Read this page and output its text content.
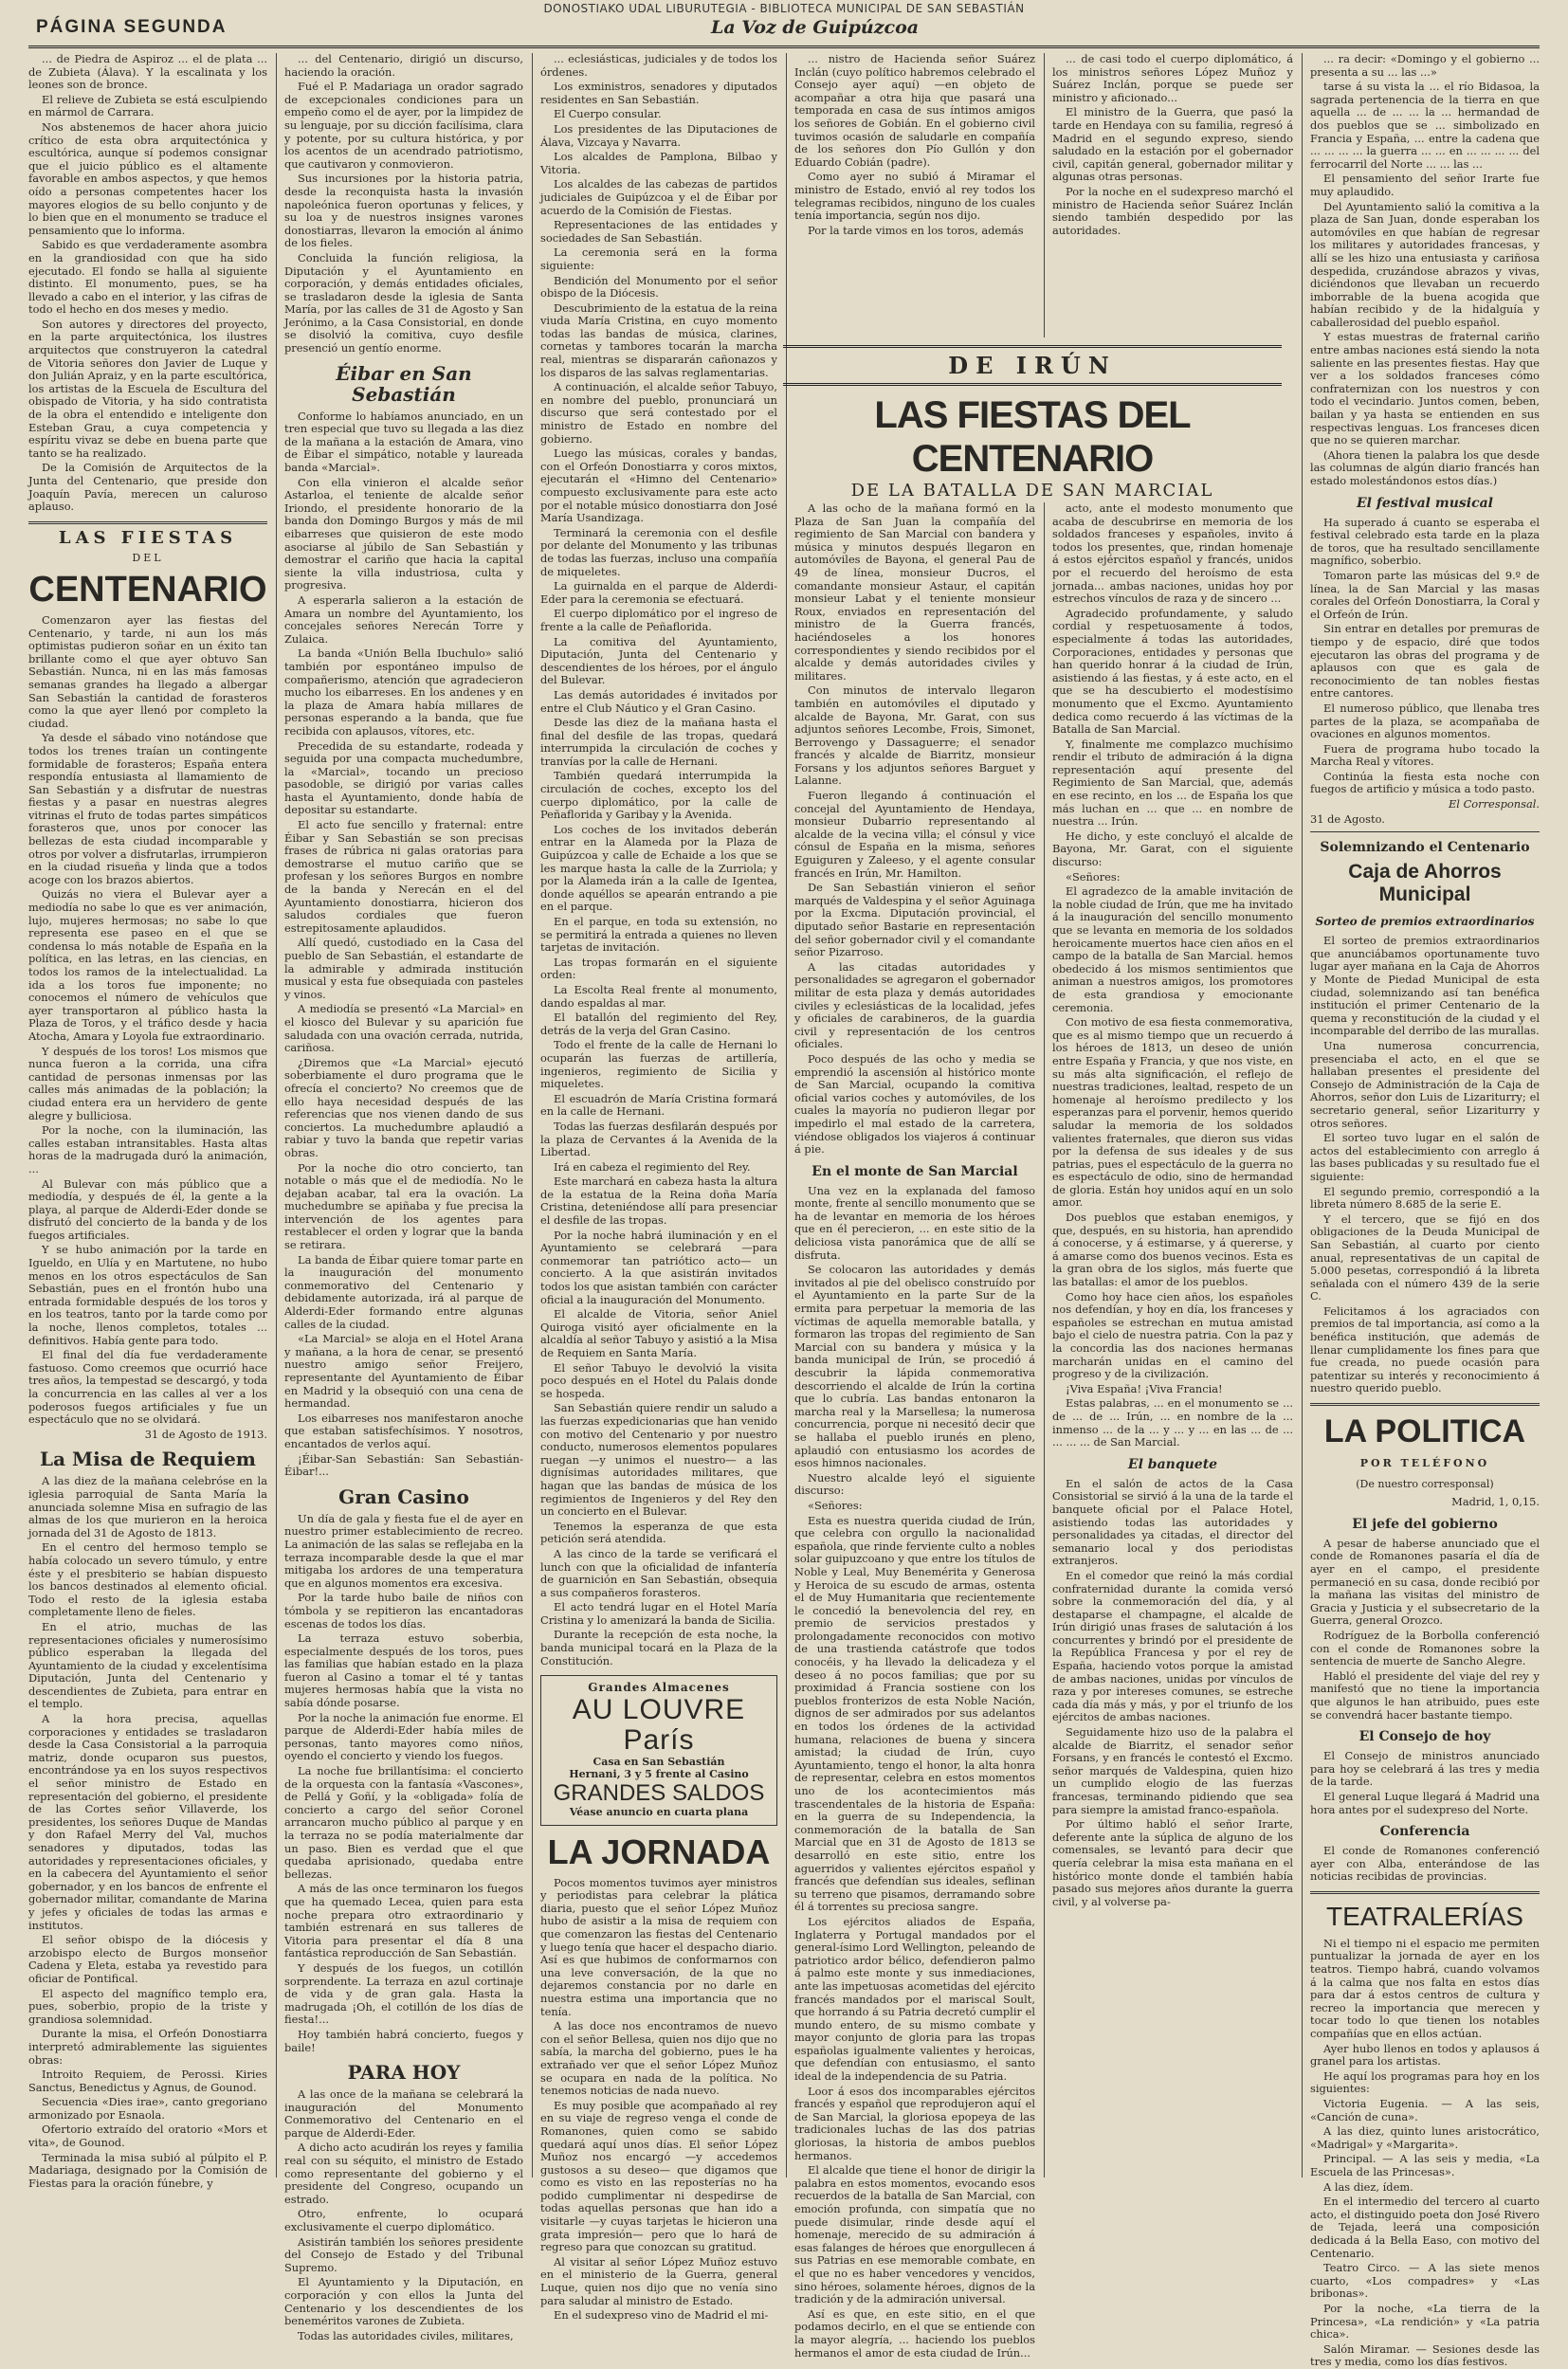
DONOSTIAKO UDAL LIBURUTEGIA - BIBLIOTECA MUNICIPAL DE SAN SEBASTIÁN
PÁGINA SEGUNDA	La Voz de Guipúzcoa

... de Piedra de Aspiroz ... el de plata ... de Zubieta (Álava). Y la escalinata y los leones son de bronce.

El relieve de Zubieta se está esculpiendo en mármol de Carrara.

Nos abstenemos de hacer ahora juicio crítico de esta obra arquitectónica y escultórica, aunque sí podemos consignar que el juicio público es el altamente favorable en ambos aspectos, y que hemos oído a personas competentes hacer los mayores elogios de su bello conjunto y de lo bien que en el monumento se traduce el pensamiento que lo informa.

Sabido es que verdaderamente asombra en la grandiosidad con que ha sido ejecutado. El fondo se halla al siguiente distinto. El monumento, pues, se ha llevado a cabo en el interior, y las cifras de todo el hecho en dos meses y medio.

Son autores y directores del proyecto, en la parte arquitectónica, los ilustres arquitectos que construyeron la catedral de Vitoria señores don Javier de Luque y don Julián Apraiz, y en la parte escultórica, los artistas de la Escuela de Escultura del obispado de Vitoria, y ha sido contratista de la obra el entendido e inteligente don Esteban Grau, a cuya competencia y espíritu vivaz se debe en buena parte que tanto se ha realizado.

De la Comisión de Arquitectos de la Junta del Centenario, que preside don Joaquín Pavía, merecen un caluroso aplauso.

LAS FIESTAS
DEL
CENTENARIO

Comenzaron ayer las fiestas del Centenario, y tarde, ni aun los más optimistas pudieron soñar en un éxito tan brillante como el que ayer obtuvo San Sebastián. Nunca, ni en las más famosas semanas grandes ha llegado a albergar San Sebastián la cantidad de forasteros como la que ayer llenó por completo la ciudad.

Ya desde el sábado vino notándose que todos los trenes traían un contingente formidable de forasteros; España entera respondía entusiasta al llamamiento de San Sebastián y a disfrutar de nuestras fiestas y a pasar en nuestras alegres vitrinas el fruto de todas partes simpáticos forasteros que, unos por conocer las bellezas de esta ciudad incomparable y otros por volver a disfrutarlas, irrumpieron en la ciudad risueña y linda que a todos acoge con los brazos abiertos.

Quizás no viera el Bulevar ayer a mediodía no sabe lo que es ver animación, lujo, mujeres hermosas; no sabe lo que representa ese paseo en el que se condensa lo más notable de España en la política, en las letras, en las ciencias, en todos los ramos de la intelectualidad. La ida a los toros fue imponente; no conocemos el número de vehículos que ayer transportaron al público hasta la Plaza de Toros, y el tráfico desde y hacia Atocha, Amara y Loyola fue extraordinario.

Y después de los toros! Los mismos que nunca fueron a la corrida, una cifra cantidad de personas inmensas por las calles más animadas de la población; la ciudad entera era un hervidero de gente alegre y bulliciosa.

Por la noche, con la iluminación, las calles estaban intransitables. Hasta altas horas de la madrugada duró la animación, ...

Al Bulevar con más público que a mediodía, y después de él, la gente a la playa, al parque de Alderdi-Eder donde se disfrutó del concierto de la banda y de los fuegos artificiales.

Y se hubo animación por la tarde en Igueldo, en Ulía y en Martutene, no hubo menos en los otros espectáculos de San Sebastián, pues en el frontón hubo una entrada formidable después de los toros y en los teatros, tanto por la tarde como por la noche, llenos completos, totales ... definitivos. Había gente para todo.

El final del día fue verdaderamente fastuoso. Como creemos que ocurrió hace tres años, la tempestad se descargó, y toda la concurrencia en las calles al ver a los poderosos fuegos artificiales y fue un espectáculo que no se olvidará.

31 de Agosto de 1913.

La Misa de Requiem

A las diez de la mañana celebróse en la iglesia parroquial de Santa María la anunciada solemne Misa en sufragio de las almas de los que murieron en la heroica jornada del 31 de Agosto de 1813.

En el centro del hermoso templo se había colocado un severo túmulo, y entre éste y el presbiterio se habían dispuesto los bancos destinados al elemento oficial. Todo el resto de la iglesia estaba completamente lleno de fieles.

En el atrio, muchas de las representaciones oficiales y numerosísimo público esperaban la llegada del Ayuntamiento de la ciudad y excelentísima Diputación, Junta del Centenario y descendientes de Zubieta, para entrar en el templo.

A la hora precisa, aquellas corporaciones y entidades se trasladaron desde la Casa Consistorial a la parroquia matriz, donde ocuparon sus puestos, encontrándose ya en los suyos respectivos el señor ministro de Estado en representación del gobierno, el presidente de las Cortes señor Villaverde, los presidentes, los señores Duque de Mandas y don Rafael Merry del Val, muchos senadores y diputados, todas las autoridades y representaciones oficiales, y en la cabecera del Ayuntamiento el señor gobernador, y en los bancos de enfrente el gobernador militar, comandante de Marina y jefes y oficiales de todas las armas e institutos.

El señor obispo de la diócesis y arzobispo electo de Burgos monseñor Cadena y Eleta, estaba ya revestido para oficiar de Pontifical.

El aspecto del magnífico templo era, pues, soberbio, propio de la triste y grandiosa solemnidad.

Durante la misa, el Orfeón Donostiarra interpretó admirablemente las siguientes obras:

Introito Requiem, de Perossi. Kiries Sanctus, Benedictus y Agnus, de Gounod.

Secuencia «Dies irae», canto gregoriano armonizado por Esnaola.

Ofertorio extraído del oratorio «Mors et vita», de Gounod.

Terminada la misa subió al púlpito el P. Madariaga, designado por la Comisión de Fiestas para la oración fúnebre, y

... del Centenario, dirigió un discurso, haciendo la oración.

Fué el P. Madariaga un orador sagrado de excepcionales condiciones para un empeño como el de ayer, por la limpidez de su lenguaje, por su dicción facilísima, clara y potente, por su cultura histórica, y por los acentos de un acendrado patriotismo, que cautivaron y conmovieron.

Sus incursiones por la historia patria, desde la reconquista hasta la invasión napoleónica fueron oportunas y felices, y su loa y de nuestros insignes varones donostiarras, llevaron la emoción al ánimo de los fieles.

Concluida la función religiosa, la Diputación y el Ayuntamiento en corporación, y demás entidades oficiales, se trasladaron desde la iglesia de Santa María, por las calles de 31 de Agosto y San Jerónimo, a la Casa Consistorial, en donde se disolvió la comitiva, cuyo desfile presenció un gentío enorme.

Éibar en San Sebastián

Conforme lo habíamos anunciado, en un tren especial que tuvo su llegada a las diez de la mañana a la estación de Amara, vino de Éibar el simpático, notable y laureada banda «Marcial».

Con ella vinieron el alcalde señor Astarloa, el teniente de alcalde señor Iriondo, el presidente honorario de la banda don Domingo Burgos y más de mil eibarreses que quisieron de este modo asociarse al júbilo de San Sebastián y demostrar el cariño que hacia la capital siente la villa industriosa, culta y progresiva.

A esperarla salieron a la estación de Amara un nombre del Ayuntamiento, los concejales señores Nerecán Torre y Zulaica.

La banda «Unión Bella Ibuchulo» salió también por espontáneo impulso de compañerismo, atención que agradecieron mucho los eibarreses. En los andenes y en la plaza de Amara había millares de personas esperando a la banda, que fue recibida con aplausos, vítores, etc.

Precedida de su estandarte, rodeada y seguida por una compacta muchedumbre, la «Marcial», tocando un precioso pasodoble, se dirigió por varias calles hasta el Ayuntamiento, donde había de depositar su estandarte.

El acto fue sencillo y fraternal: entre Éibar y San Sebastián se son precisas frases de rúbrica ni galas oratorias para demostrarse el mutuo cariño que se profesan y los señores Burgos en nombre de la banda y Nerecán en el del Ayuntamiento donostiarra, hicieron dos saludos cordiales que fueron estrepitosamente aplaudidos.

Allí quedó, custodiado en la Casa del pueblo de San Sebastián, el estandarte de la admirable y admirada institución musical y esta fue obsequiada con pasteles y vinos.

A mediodía se presentó «La Marcial» en el kiosco del Bulevar y su aparición fue saludada con una ovación cerrada, nutrida, cariñosa.

¿Diremos que «La Marcial» ejecutó soberbiamente el duro programa que le ofrecía el concierto? No creemos que de ello haya necesidad después de las referencias que nos vienen dando de sus conciertos. La muchedumbre aplaudió a rabiar y tuvo la banda que repetir varias obras.

Por la noche dio otro concierto, tan notable o más que el de mediodía. No le dejaban acabar, tal era la ovación. La muchedumbre se apiñaba y fue precisa la intervención de los agentes para restablecer el orden y lograr que la banda se retirara.

La banda de Éibar quiere tomar parte en la inauguración del monumento conmemorativo del Centenario y debidamente autorizada, irá al parque de Alderdi-Eder formando entre algunas calles de la ciudad.

«La Marcial» se aloja en el Hotel Arana y mañana, a la hora de cenar, se presentó nuestro amigo señor Freijero, representante del Ayuntamiento de Éibar en Madrid y la obsequió con una cena de hermandad.

Los eibarreses nos manifestaron anoche que estaban satisfechísimos. Y nosotros, encantados de verlos aquí.

¡Éibar-San Sebastián: San Sebastián-Éibar!...

Gran Casino

Un día de gala y fiesta fue el de ayer en nuestro primer establecimiento de recreo. La animación de las salas se reflejaba en la terraza incomparable desde la que el mar mitigaba los ardores de una temperatura que en algunos momentos era excesiva.

Por la tarde hubo baile de niños con tómbola y se repitieron las encantadoras escenas de todos los días.

La terraza estuvo soberbia, especialmente después de los toros, pues las familias que habían estado en la plaza fueron al Casino a tomar el té y tantas mujeres hermosas había que la vista no sabía dónde posarse.

Por la noche la animación fue enorme. El parque de Alderdi-Eder había miles de personas, tanto mayores como niños, oyendo el concierto y viendo los fuegos.

La noche fue brillantísima: el concierto de la orquesta con la fantasía «Vascones», de Pellá y Goñí, y la «obligada» folía de concierto a cargo del señor Coronel arrancaron mucho público al parque y en la terraza no se podía materialmente dar un paso. Bien es verdad que el que quedaba aprisionado, quedaba entre bellezas.

A más de las once terminaron los fuegos que ha quemado Lecea, quien para esta noche prepara otro extraordinario y también estrenará en sus talleres de Vitoria para presentar el día 8 una fantástica reproducción de San Sebastián.

Y después de los fuegos, un cotillón sorprendente. La terraza en azul cortinaje de vida y de gran gala. Hasta la madrugada ¡Oh, el cotillón de los días de fiesta!...

Hoy también habrá concierto, fuegos y baile!

PARA HOY

A las once de la mañana se celebrará la inauguración del Monumento Conmemorativo del Centenario en el parque de Alderdi-Eder.

A dicho acto acudirán los reyes y familia real con su séquito, el ministro de Estado como representante del gobierno y el presidente del Congreso, ocupando un estrado.

Otro, enfrente, lo ocupará exclusivamente el cuerpo diplomático.

Asistirán también los señores presidente del Consejo de Estado y del Tribunal Supremo.

El Ayuntamiento y la Diputación, en corporación y con ellos la Junta del Centenario y los descendientes de los beneméritos varones de Zubieta.

Todas las autoridades civiles, militares,

... eclesiásticas, judiciales y de todos los órdenes.

Los exministros, senadores y diputados residentes en San Sebastián.

El Cuerpo consular.

Los presidentes de las Diputaciones de Álava, Vizcaya y Navarra.

Los alcaldes de Pamplona, Bilbao y Vitoria.

Los alcaldes de las cabezas de partidos judiciales de Guipúzcoa y el de Éibar por acuerdo de la Comisión de Fiestas.

Representaciones de las entidades y sociedades de San Sebastián.

La ceremonia será en la forma siguiente:

Bendición del Monumento por el señor obispo de la Diócesis.

Descubrimiento de la estatua de la reina viuda María Cristina, en cuyo momento todas las bandas de música, clarines, cornetas y tambores tocarán la marcha real, mientras se dispararán cañonazos y los disparos de las salvas reglamentarias.

A continuación, el alcalde señor Tabuyo, en nombre del pueblo, pronunciará un discurso que será contestado por el ministro de Estado en nombre del gobierno.

Luego las músicas, corales y bandas, con el Orfeón Donostiarra y coros mixtos, ejecutarán el «Himno del Centenario» compuesto exclusivamente para este acto por el notable músico donostiarra don José María Usandizaga.

Terminará la ceremonia con el desfile por delante del Monumento y las tribunas de todas las fuerzas, incluso una compañía de miqueletes.

La guirnalda en el parque de Alderdi-Eder para la ceremonia se efectuará.

El cuerpo diplomático por el ingreso de frente a la calle de Peñaflorida.

La comitiva del Ayuntamiento, Diputación, Junta del Centenario y descendientes de los héroes, por el ángulo del Bulevar.

Las demás autoridades é invitados por entre el Club Náutico y el Gran Casino.

Desde las diez de la mañana hasta el final del desfile de las tropas, quedará interrumpida la circulación de coches y tranvías por la calle de Hernani.

También quedará interrumpida la circulación de coches, excepto los del cuerpo diplomático, por la calle de Peñaflorida y Garibay y la Avenida.

Los coches de los invitados deberán entrar en la Alameda por la Plaza de Guipúzcoa y calle de Echaide a los que se les marque hasta la calle de la Zurriola; y por la Alameda irán a la calle de Igentea, donde aquéllos se apearán entrando a pie en el parque.

En el parque, en toda su extensión, no se permitirá la entrada a quienes no lleven tarjetas de invitación.

Las tropas formarán en el siguiente orden:

La Escolta Real frente al monumento, dando espaldas al mar.

El batallón del regimiento del Rey, detrás de la verja del Gran Casino.

Todo el frente de la calle de Hernani lo ocuparán las fuerzas de artillería, ingenieros, regimiento de Sicilia y miqueletes.

El escuadrón de María Cristina formará en la calle de Hernani.

Todas las fuerzas desfilarán después por la plaza de Cervantes á la Avenida de la Libertad.

Irá en cabeza el regimiento del Rey.

Este marchará en cabeza hasta la altura de la estatua de la Reina doña María Cristina, deteniéndose allí para presenciar el desfile de las tropas.

Por la noche habrá iluminación y en el Ayuntamiento se celebrará —para conmemorar tan patriótico acto— un concierto. A la que asistirán invitados todos los que asistan también con carácter oficial a la inauguración del Monumento.

El alcalde de Vitoria, señor Aniel Quiroga visitó ayer oficialmente en la alcaldía al señor Tabuyo y asistió a la Misa de Requiem en Santa María.

El señor Tabuyo le devolvió la visita poco después en el Hotel du Palais donde se hospeda.

San Sebastián quiere rendir un saludo a las fuerzas expedicionarias que han venido con motivo del Centenario y por nuestro conducto, numerosos elementos populares ruegan —y unimos el nuestro— a las dignísimas autoridades militares, que hagan que las bandas de música de los regimientos de Ingenieros y del Rey den un concierto en el Bulevar.

Tenemos la esperanza de que esta petición será atendida.

A las cinco de la tarde se verificará el lunch con que la oficialidad de infantería de guarnición en San Sebastián, obsequia a sus compañeros forasteros.

El acto tendrá lugar en el Hotel María Cristina y lo amenizará la banda de Sicilia.

Durante la recepción de esta noche, la banda municipal tocará en la Plaza de la Constitución.

Grandes Almacenes
AU LOUVRE París
Casa en San Sebastián
Hernani, 3 y 5 frente al Casino
GRANDES SALDOS
Véase anuncio en cuarta plana
LA JORNADA

Pocos momentos tuvimos ayer ministros y periodistas para celebrar la plática diaria, puesto que el señor López Muñoz hubo de asistir a la misa de requiem con que comenzaron las fiestas del Centenario y luego tenía que hacer el despacho diario. Así es que hubimos de conformarnos con una leve conversación, de la que no dejaremos constancia por no darle en nuestra estima una importancia que no tenía.

A las doce nos encontramos de nuevo con el señor Bellesa, quien nos dijo que no sabía, la marcha del gobierno, pues le ha extrañado ver que el señor López Muñoz se ocupara en nada de la política. No tenemos noticias de nada nuevo.

Es muy posible que acompañado al rey en su viaje de regreso venga el conde de Romanones, quien como se sabido quedará aquí unos días. El señor López Muñoz nos encargó —y accedemos gustosos a su deseo— que digamos que como es visto en las reposterías no ha podido cumplimentar ni despedirse de todas aquellas personas que han ido a visitarle —y cuyas tarjetas le hicieron una grata impresión— pero que lo hará de regreso para que conozcan su gratitud.

Al visitar al señor López Muñoz estuvo en el ministerio de la Guerra, general Luque, quien nos dijo que no venía sino para saludar al ministro de Estado.

En el sudexpreso vino de Madrid el mi-

... nistro de Hacienda señor Suárez Inclán (cuyo político habremos celebrado el Consejo ayer aquí) —en objeto de acompañar a otra hija que pasará una temporada en casa de sus íntimos amigos los señores de Gobián. En el gobierno civil tuvimos ocasión de saludarle en compañía de los señores don Pío Gullón y don Eduardo Cobián (padre).

Como ayer no subió á Miramar el ministro de Estado, envió al rey todos los telegramas recibidos, ninguno de los cuales tenía importancia, según nos dijo.

Por la tarde vimos en los toros, además

... de casi todo el cuerpo diplomático, á los ministros señores López Muñoz y Suárez Inclán, porque se puede ser ministro y aficionado...

El ministro de la Guerra, que pasó la tarde en Hendaya con su familia, regresó á Madrid en el segundo expreso, siendo saludado en la estación por el gobernador civil, capitán general, gobernador militar y algunas otras personas.

Por la noche en el sudexpreso marchó el ministro de Hacienda señor Suárez Inclán siendo también despedido por las autoridades.

DE IRÚN
LAS FIESTAS DEL CENTENARIO
DE LA BATALLA DE SAN MARCIAL

A las ocho de la mañana formó en la Plaza de San Juan la compañía del regimiento de San Marcial con bandera y música y minutos después llegaron en automóviles de Bayona, el general Pau de 49 de línea, monsieur Ducros, el comandante monsieur Astaur, el capitán monsieur Labat y el teniente monsieur Roux, enviados en representación del ministro de la Guerra francés, haciéndoseles a los honores correspondientes y siendo recibidos por el alcalde y demás autoridades civiles y militares.

Con minutos de intervalo llegaron también en automóviles el diputado y alcalde de Bayona, Mr. Garat, con sus adjuntos señores Lecombe, Frois, Simonet, Berrovengo y Dassaguerre; el senador francés y alcalde de Biarritz, monsieur Forsans y los adjuntos señores Barguet y Lalanne.

Fueron llegando á continuación el concejal del Ayuntamiento de Hendaya, monsieur Dubarrio representando al alcalde de la vecina villa; el cónsul y vice cónsul de España en la misma, señores Eguiguren y Zaleeso, y el agente consular francés en Irún, Mr. Hamilton.

De San Sebastián vinieron el señor marqués de Valdespina y el señor Aguinaga por la Excma. Diputación provincial, el diputado señor Bastarie en representación del señor gobernador civil y el comandante señor Pizarroso.

A las citadas autoridades y personalidades se agregaron el gobernador militar de esta plaza y demás autoridades civiles y eclesiásticas de la localidad, jefes y oficiales de carabineros, de la guardia civil y representación de los centros oficiales.

Poco después de las ocho y media se emprendió la ascensión al histórico monte de San Marcial, ocupando la comitiva oficial varios coches y automóviles, de los cuales la mayoría no pudieron llegar por impedirlo el mal estado de la carretera, viéndose obligados los viajeros á continuar á pie.

En el monte de San Marcial

Una vez en la explanada del famoso monte, frente al sencillo monumento que se ha de levantar en memoria de los héroes que en él perecieron, ... en este sitio de la deliciosa vista panorámica que de allí se disfruta.

Se colocaron las autoridades y demás invitados al pie del obelisco construído por el Ayuntamiento en la parte Sur de la ermita para perpetuar la memoria de las víctimas de aquella memorable batalla, y formaron las tropas del regimiento de San Marcial con su bandera y música y la banda municipal de Irún, se procedió á descubrir la lápida conmemorativa descorriendo el alcalde de Irún la cortina que lo cubría. Las bandas entonaron la marcha real y la Marsellesa; la numerosa concurrencia, porque ni necesitó decir que se hallaba el pueblo irunés en pleno, aplaudió con entusiasmo los acordes de esos himnos nacionales.

Nuestro alcalde leyó el siguiente discurso:

«Señores:

Esta es nuestra querida ciudad de Irún, que celebra con orgullo la nacionalidad española, que rinde ferviente culto a nobles solar guipuzcoano y que entre los títulos de Noble y Leal, Muy Benemérita y Generosa y Heroica de su escudo de armas, ostenta el de Muy Humanitaria que recientemente le concedió la benevolencia del rey, en premio de servicios prestados y prolongadamente reconocidos con motivo de una trastienda catástrofe que todos conocéis, y ha llevado la delicadeza y el deseo á no pocos familias; que por su proximidad á Francia sostiene con los pueblos fronterizos de esta Noble Nación, dignos de ser admirados por sus adelantos en todos los órdenes de la actividad humana, relaciones de buena y sincera amistad; la ciudad de Irún, cuyo Ayuntamiento, tengo el honor, la alta honra de representar, celebra en estos momentos uno de los acontecimientos más trascendentales de la historia de España: en la guerra de su Independencia, la conmemoración de la batalla de San Marcial que en 31 de Agosto de 1813 se desarrolló en este sitio, entre los aguerridos y valientes ejércitos español y francés que defendían sus ideales, seflinan su terreno que pisamos, derramando sobre él á torrentes su preciosa sangre.

Los ejércitos aliados de España, Inglaterra y Portugal mandados por el general-ísimo Lord Wellington, peleando de patriotico ardor bélico, defendieron palmo á palmo este monte y sus inmediaciones, ante las impetuosas acometidas del ejército francés mandados por el mariscal Soult, que horrando á su Patria decretó cumplir el mundo entero, de su mismo combate y mayor conjunto de gloria para las tropas españolas igualmente valientes y heroicas, que defendían con entusiasmo, el santo ideal de la independencia de su Patria.

Loor á esos dos incomparables ejércitos francés y español que reprodujeron aquí el de San Marcial, la gloriosa epopeya de las tradicionales luchas de las dos patrias gloriosas, la historia de ambos pueblos hermanos.

El alcalde que tiene el honor de dirigir la palabra en estos momentos, evocando esos recuerdos de la batalla de San Marcial, con emoción profunda, con simpatía que no puede disimular, rinde desde aquí el homenaje, merecido de su admiración á esas falanges de héroes que enorgullecen á sus Patrias en ese memorable combate, en el que no es haber vencedores y vencidos, sino héroes, solamente héroes, dignos de la tradición y de la admiración universal.

Así es que, en este sitio, en el que podamos decirlo, en el que se entiende con la mayor alegría, ... haciendo los pueblos hermanos el amor de esta ciudad de Irún...

acto, ante el modesto monumento que acaba de descubrirse en memoria de los soldados franceses y españoles, invito á todos los presentes, que, rindan homenaje á estos ejércitos español y francés, unidos por el recuerdo del heroísmo de esta jornada... ambas naciones, unidas hoy por estrechos vínculos de raza y de sincero ...

Agradecido profundamente, y saludo cordial y respetuosamente á todos, especialmente á todas las autoridades, Corporaciones, entidades y personas que han querido honrar á la ciudad de Irún, asistiendo á las fiestas, y á este acto, en el que se ha descubierto el modestísimo monumento que el Excmo. Ayuntamiento dedica como recuerdo á las víctimas de la Batalla de San Marcial.

Y, finalmente me complazco muchísimo rendir el tributo de admiración á la digna representación aquí presente del Regimiento de San Marcial, que, además en ese recinto, en los ... de España los que más luchan en ... que ... en nombre de nuestra ... Irún.

He dicho, y este concluyó el alcalde de Bayona, Mr. Garat, con el siguiente discurso:

«Señores:

El agradezco de la amable invitación de la noble ciudad de Irún, que me ha invitado á la inauguración del sencillo monumento que se levanta en memoria de los soldados heroicamente muertos hace cien años en el campo de la batalla de San Marcial. hemos obedecido á los mismos sentimientos que animan a nuestros amigos, los promotores de esta grandiosa y emocionante ceremonia.

Con motivo de esa fiesta conmemorativa, que es al mismo tiempo que un recuerdo á los héroes de 1813, un deseo de unión entre España y Francia, y que nos viste, en su más alta significación, el reflejo de nuestras tradiciones, lealtad, respeto de un homenaje al heroísmo predilecto y los esperanzas para el porvenir, hemos querido saludar la memoria de los soldados valientes fraternales, que dieron sus vidas por la defensa de sus ideales y de sus patrias, pues el espectáculo de la guerra no es espectáculo de odio, sino de hermandad de gloria. Están hoy unidos aquí en un solo amor.

Dos pueblos que estaban enemigos, y que, después, en su historia, han aprendido á conocerse, y á estimarse, y á quererse, y á amarse como dos buenos vecinos. Esta es la gran obra de los siglos, más fuerte que las batallas: el amor de los pueblos.

Como hoy hace cien años, los españoles nos defendían, y hoy en día, los franceses y españoles se estrechan en mutua amistad bajo el cielo de nuestra patria. Con la paz y la concordia las dos naciones hermanas marcharán unidas en el camino del progreso y de la civilización.

¡Viva España! ¡Viva Francia!

Estas palabras, ... en el monumento se ... de ... de ... Irún, ... en nombre de la ... inmenso ... de la ... y ... y ... en las ... de ... ... ... ... de San Marcial.

El banquete

En el salón de actos de la Casa Consistorial se sirvió á la una de la tarde el banquete oficial por el Palace Hotel, asistiendo todas las autoridades y personalidades ya citadas, el director del semanario local y dos periodistas extranjeros.

En el comedor que reinó la más cordial confraternidad durante la comida versó sobre la conmemoración del día, y al destaparse el champagne, el alcalde de Irún dirigió unas frases de salutación á los concurrentes y brindó por el presidente de la República Francesa y por el rey de España, haciendo votos porque la amistad de ambas naciones, unidas por vínculos de raza y por intereses comunes, se estreche cada día más y más, y por el triunfo de los ejércitos de ambas naciones.

Seguidamente hizo uso de la palabra el alcalde de Biarritz, el senador señor Forsans, y en francés le contestó el Excmo. señor marqués de Valdespina, quien hizo un cumplido elogio de las fuerzas francesas, terminando pidiendo que sea para siempre la amistad franco-española.

Por último habló el señor Irarte, deferente ante la súplica de alguno de los comensales, se levantó para decir que quería celebrar la misa esta mañana en el histórico monte donde el también había pasado sus mejores años durante la guerra civil, y al volverse pa-

... ra decir: «Domingo y el gobierno ... presenta a su ... las ...»

tarse á su vista la ... el río Bidasoa, la sagrada pertenencia de la tierra en que aquella ... de ... ... la ... hermandad de dos pueblos que se ... simbolizado en Francia y España, ... entre la cadena que ... ... ... ... la guerra ... ... en ... ... ... ... del ferrocarril del Norte ... ... las ...

El pensamiento del señor Irarte fue muy aplaudido.

Del Ayuntamiento salió la comitiva a la plaza de San Juan, donde esperaban los automóviles en que habían de regresar los militares y autoridades francesas, y allí se les hizo una entusiasta y cariñosa despedida, cruzándose abrazos y vivas, diciéndonos que llevaban un recuerdo imborrable de la buena acogida que habían recibido y de la hidalguía y caballerosidad del pueblo español.

Y estas muestras de fraternal cariño entre ambas naciones está siendo la nota saliente en las presentes fiestas. Hay que ver a los soldados franceses cómo confraternizan con los nuestros y con todo el vecindario. Juntos comen, beben, bailan y ya hasta se entienden en sus respectivas lenguas. Los franceses dicen que no se quieren marchar.

(Ahora tienen la palabra los que desde las columnas de algún diario francés han estado molestándonos estos días.)

El festival musical

Ha superado á cuanto se esperaba el festival celebrado esta tarde en la plaza de toros, que ha resultado sencillamente magnífico, soberbio.

Tomaron parte las músicas del 9.º de línea, la de San Marcial y las masas corales del Orfeón Donostiarra, la Coral y el Orfeón de Irún.

Sin entrar en detalles por premuras de tiempo y de espacio, diré que todos ejecutaron las obras del programa y de aplausos con que es gala de reconocimiento de tan nobles fiestas entre cantores.

El numeroso público, que llenaba tres partes de la plaza, se acompañaba de ovaciones en algunos momentos.

Fuera de programa hubo tocado la Marcha Real y vítores.

Continúa la fiesta esta noche con fuegos de artificio y música a todo pasto.

El Corresponsal.

31 de Agosto.

Solemnizando el Centenario
Caja de Ahorros Municipal
Sorteo de premios extraordinarios

El sorteo de premios extraordinarios que anunciábamos oportunamente tuvo lugar ayer mañana en la Caja de Ahorros y Monte de Piedad Municipal de esta ciudad, solemnizando así tan benéfica institución el primer Centenario de la quema y reconstitución de la ciudad y el incomparable del derribo de las murallas.

Una numerosa concurrencia, presenciaba el acto, en el que se hallaban presentes el presidente del Consejo de Administración de la Caja de Ahorros, señor don Luis de Lizariturry; el secretario general, señor Lizariturry y otros señores.

El sorteo tuvo lugar en el salón de actos del establecimiento con arreglo á las bases publicadas y su resultado fue el siguiente:

El segundo premio, correspondió a la libreta número 8.685 de la serie E.

Y el tercero, que se fijó en dos obligaciones de la Deuda Municipal de San Sebastián, al cuarto por ciento anual, representativas de un capital de 5.000 pesetas, correspondió á la libreta señalada con el número 439 de la serie C.

Felicitamos á los agraciados con premios de tal importancia, así como a la benéfica institución, que además de llenar cumplidamente los fines para que fue creada, no puede ocasión para patentizar su interés y reconocimiento á nuestro querido pueblo.

LA POLITICA
POR TELÉFONO
(De nuestro corresponsal)

Madrid, 1, 0,15.

El jefe del gobierno

A pesar de haberse anunciado que el conde de Romanones pasaría el día de ayer en el campo, el presidente permaneció en su casa, donde recibió por la mañana las visitas del ministro de Gracia y Justicia y el subsecretario de la Guerra, general Orozco.

Rodríguez de la Borbolla conferenció con el conde de Romanones sobre la sentencia de muerte de Sancho Alegre.

Habló el presidente del viaje del rey y manifestó que no tiene la importancia que algunos le han atribuido, pues este se convendrá hacer bastante tiempo.

El Consejo de hoy

El Consejo de ministros anunciado para hoy se celebrará á las tres y media de la tarde.

El general Luque llegará á Madrid una hora antes por el sudexpreso del Norte.

Conferencia

El conde de Romanones conferenció ayer con Alba, enterándose de las noticias recibidas de provincias.

TEATRALERÍAS

Ni el tiempo ni el espacio me permiten puntualizar la jornada de ayer en los teatros. Tiempo habrá, cuando volvamos á la calma que nos falta en estos días para dar á estos centros de cultura y recreo la importancia que merecen y tocar todo lo que tienen los notables compañías que en ellos actúan.

Ayer hubo llenos en todos y aplausos á granel para los artistas.

He aquí los programas para hoy en los siguientes:

Victoria Eugenia. — A las seis, «Canción de cuna».

A las diez, quinto lunes aristocrático, «Madrigal» y «Margarita».

Principal. — A las seis y media, «La Escuela de las Princesas».

A las diez, ídem.

En el intermedio del tercero al cuarto acto, el distinguido poeta don José Rivero de Tejada, leerá una composición dedicada á la Bella Easo, con motivo del Centenario.

Teatro Circo. — A las siete menos cuarto, «Los compadres» y «Las bribonas».

Por la noche, «La tierra de la Princesa», «La rendición» y «La patria chica».

Salón Miramar. — Sesiones desde las tres y media, como los días festivos.
